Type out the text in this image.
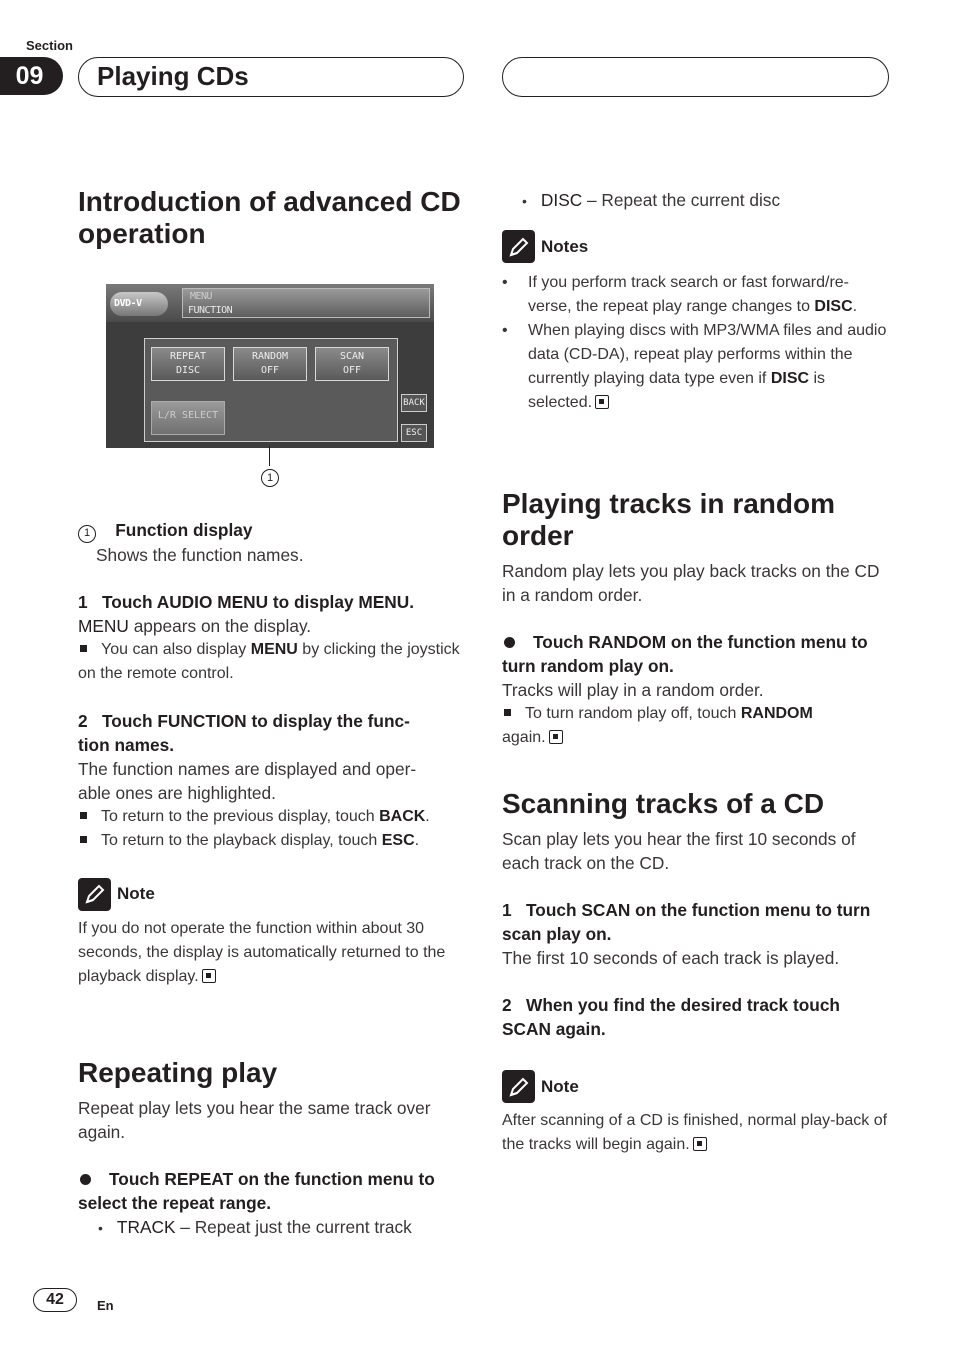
Section
09	Playing CDs
Introduction of advanced CD operation
DVD-V
MENU
FUNCTION
REPEAT
DISC
RANDOM
OFF
SCAN
OFF
L/R SELECT
BACK
ESC
1

1 Function display

Shows the function names.

1   Touch AUDIO MENU to display MENU.

MENU appears on the display.

You can also display MENU by clicking the joystick on the remote control.

2   Touch FUNCTION to display the func-
tion names.

The function names are displayed and oper-
able ones are highlighted.

To return to the previous display, touch BACK.

To return to the playback display, touch ESC.

Note

If you do not operate the function within about 30 seconds, the display is automatically returned to the playback display.

Repeating play

Repeat play lets you hear the same track over again.

Touch REPEAT on the function menu to select the repeat range.

• TRACK – Repeat just the current track

• DISC – Repeat the current disc

Notes
•	If you perform track search or fast forward/re-verse, the repeat play range changes to DISC.
•	When playing discs with MP3/WMA files and audio data (CD-DA), repeat play performs within the currently playing data type even if DISC is selected.
Playing tracks in random order

Random play lets you play back tracks on the CD in a random order.

Touch RANDOM on the function menu to turn random play on.

Tracks will play in a random order.

To turn random play off, touch RANDOM
again.

Scanning tracks of a CD

Scan play lets you hear the first 10 seconds of each track on the CD.

1   Touch SCAN on the function menu to turn scan play on.

The first 10 seconds of each track is played.

2   When you find the desired track touch SCAN again.

Note

After scanning of a CD is finished, normal play-back of the tracks will begin again.

42	En
